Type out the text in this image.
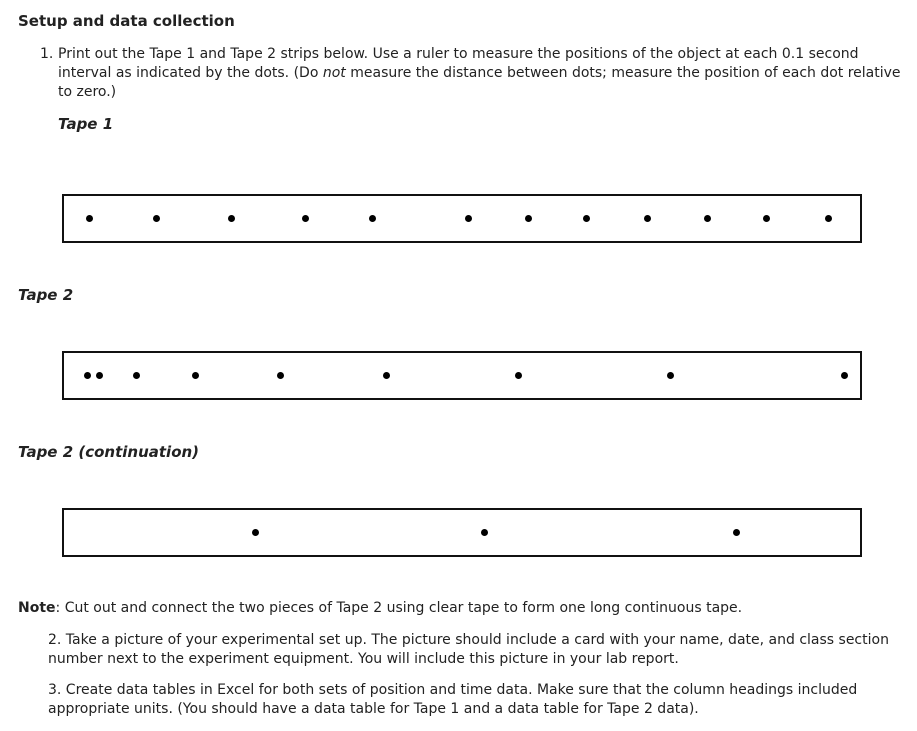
Setup and data collection

1. Print out the Tape 1 and Tape 2 strips below. Use a ruler to measure the positions of the object at each 0.1 second interval as indicated by the dots. (Do not measure the distance between dots; measure the position of each dot relative to zero.)

Tape 1

Tape 2

Tape 2 (continuation)

Note: Cut out and connect the two pieces of Tape 2 using clear tape to form one long continuous tape.

2. Take a picture of your experimental set up. The picture should include a card with your name, date, and class section number next to the experiment equipment. You will include this picture in your lab report.

3. Create data tables in Excel for both sets of position and time data. Make sure that the column headings included appropriate units. (You should have a data table for Tape 1 and a data table for Tape 2 data).
